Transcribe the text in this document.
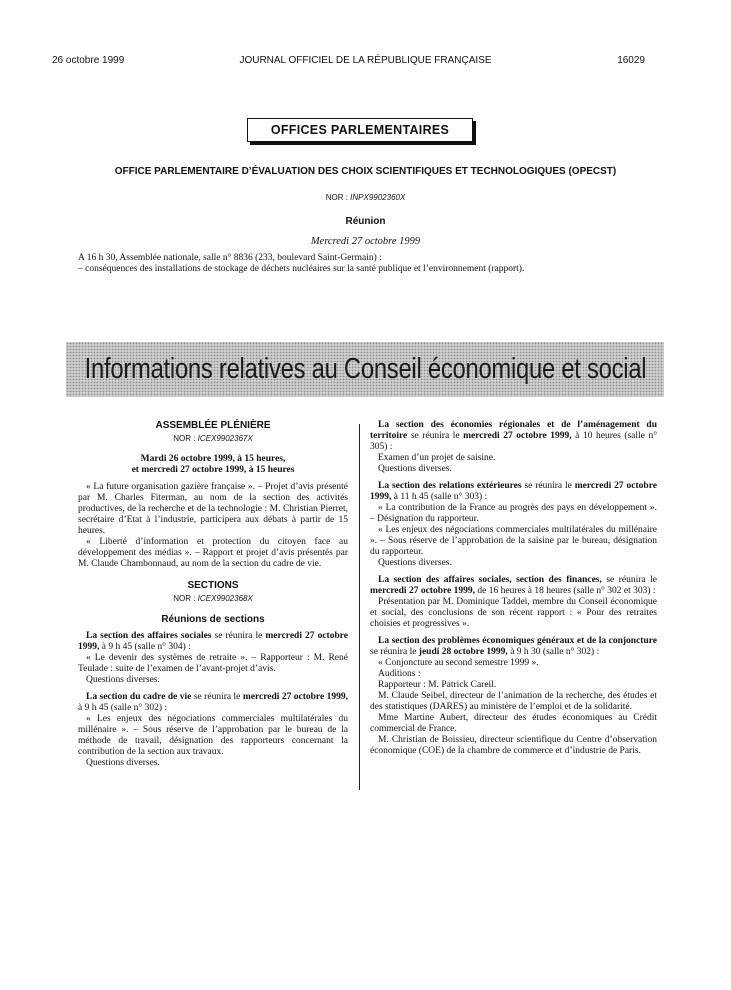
26 octobre 1999	JOURNAL OFFICIEL DE LA RÉPUBLIQUE FRANÇAISE	16029
OFFICES PARLEMENTAIRES
OFFICE PARLEMENTAIRE D’ÉVALUATION DES CHOIX SCIENTIFIQUES ET TECHNOLOGIQUES (OPECST)
NOR : INPX9902360X
Réunion
Mercredi 27 octobre 1999
A 16 h 30, Assemblée nationale, salle n° 8836 (233, boulevard Saint-Germain) :
– conséquences des installations de stockage de déchets nucléaires sur la santé publique et l’environnement (rapport).
Informations relatives au Conseil économique et social
ASSEMBLÉE PLÉNIÈRE
NOR : ICEX9902367X
Mardi 26 octobre 1999, à 15 heures,
et mercredi 27 octobre 1999, à 15 heures

« La future organisation gazière française ». – Projet d’avis présenté par M. Charles Fiterman, au nom de la section des activités productives, de la recherche et de la technologie : M. Christian Pierret, secrétaire d’Etat à l’industrie, participera aux débats à partir de 15 heures.

« Liberté d’information et protection du citoyen face au développement des médias ». – Rapport et projet d’avis présentés par M. Claude Chambonnaud, au nom de la section du cadre de vie.

SECTIONS
NOR : ICEX9902368X
Réunions de sections

La section des affaires sociales se réunira le mercredi 27 octobre 1999, à 9 h 45 (salle n° 304) :

« Le devenir des systèmes de retraite ». – Rapporteur : M. René Teulade : suite de l’examen de l’avant-projet d’avis.

Questions diverses.

La section du cadre de vie se réunira le mercredi 27 octobre 1999, à 9 h 45 (salle n° 302) :

« Les enjeux des négociations commerciales multilatérales du millénaire ». – Sous réserve de l’approbation par le bureau de la méthode de travail, désignation des rapporteurs concernant la contribution de la section aux travaux.

Questions diverses.

La section des économies régionales et de l’aménagement du territoire se réunira le mercredi 27 octobre 1999, à 10 heures (salle n° 305) :

Examen d’un projet de saisine.

Questions diverses.

La section des relations extérieures se réunira le mercredi 27 octobre 1999, à 11 h 45 (salle n° 303) :

« La contribution de la France au progrès des pays en développement ». – Désignation du rapporteur.

« Les enjeux des négociations commerciales multilatérales du millénaire ». – Sous réserve de l’approbation de la saisine par le bureau, désignation du rapporteur.

Questions diverses.

La section des affaires sociales, section des finances, se réunira le mercredi 27 octobre 1999, de 16 heures à 18 heures (salle n° 302 et 303) :

Présentation par M. Dominique Taddei, membre du Conseil économique et social, des conclusions de son récent rapport : « Pour des retraites choisies et progressives ».

La section des problèmes économiques généraux et de la conjoncture se réunira le jeudi 28 octobre 1999, à 9 h 30 (salle n° 302) :

« Conjoncture au second semestre 1999 ».

Auditions :

Rapporteur : M. Patrick Careil.

M. Claude Seibel, directeur de l’animation de la recherche, des études et des statistiques (DARES) au ministère de l’emploi et de la solidarité.

Mme Martine Aubert, directeur des études économiques au Crédit commercial de France.

M. Christian de Boissieu, directeur scientifique du Centre d’observation économique (COE) de la chambre de commerce et d’industrie de Paris.
